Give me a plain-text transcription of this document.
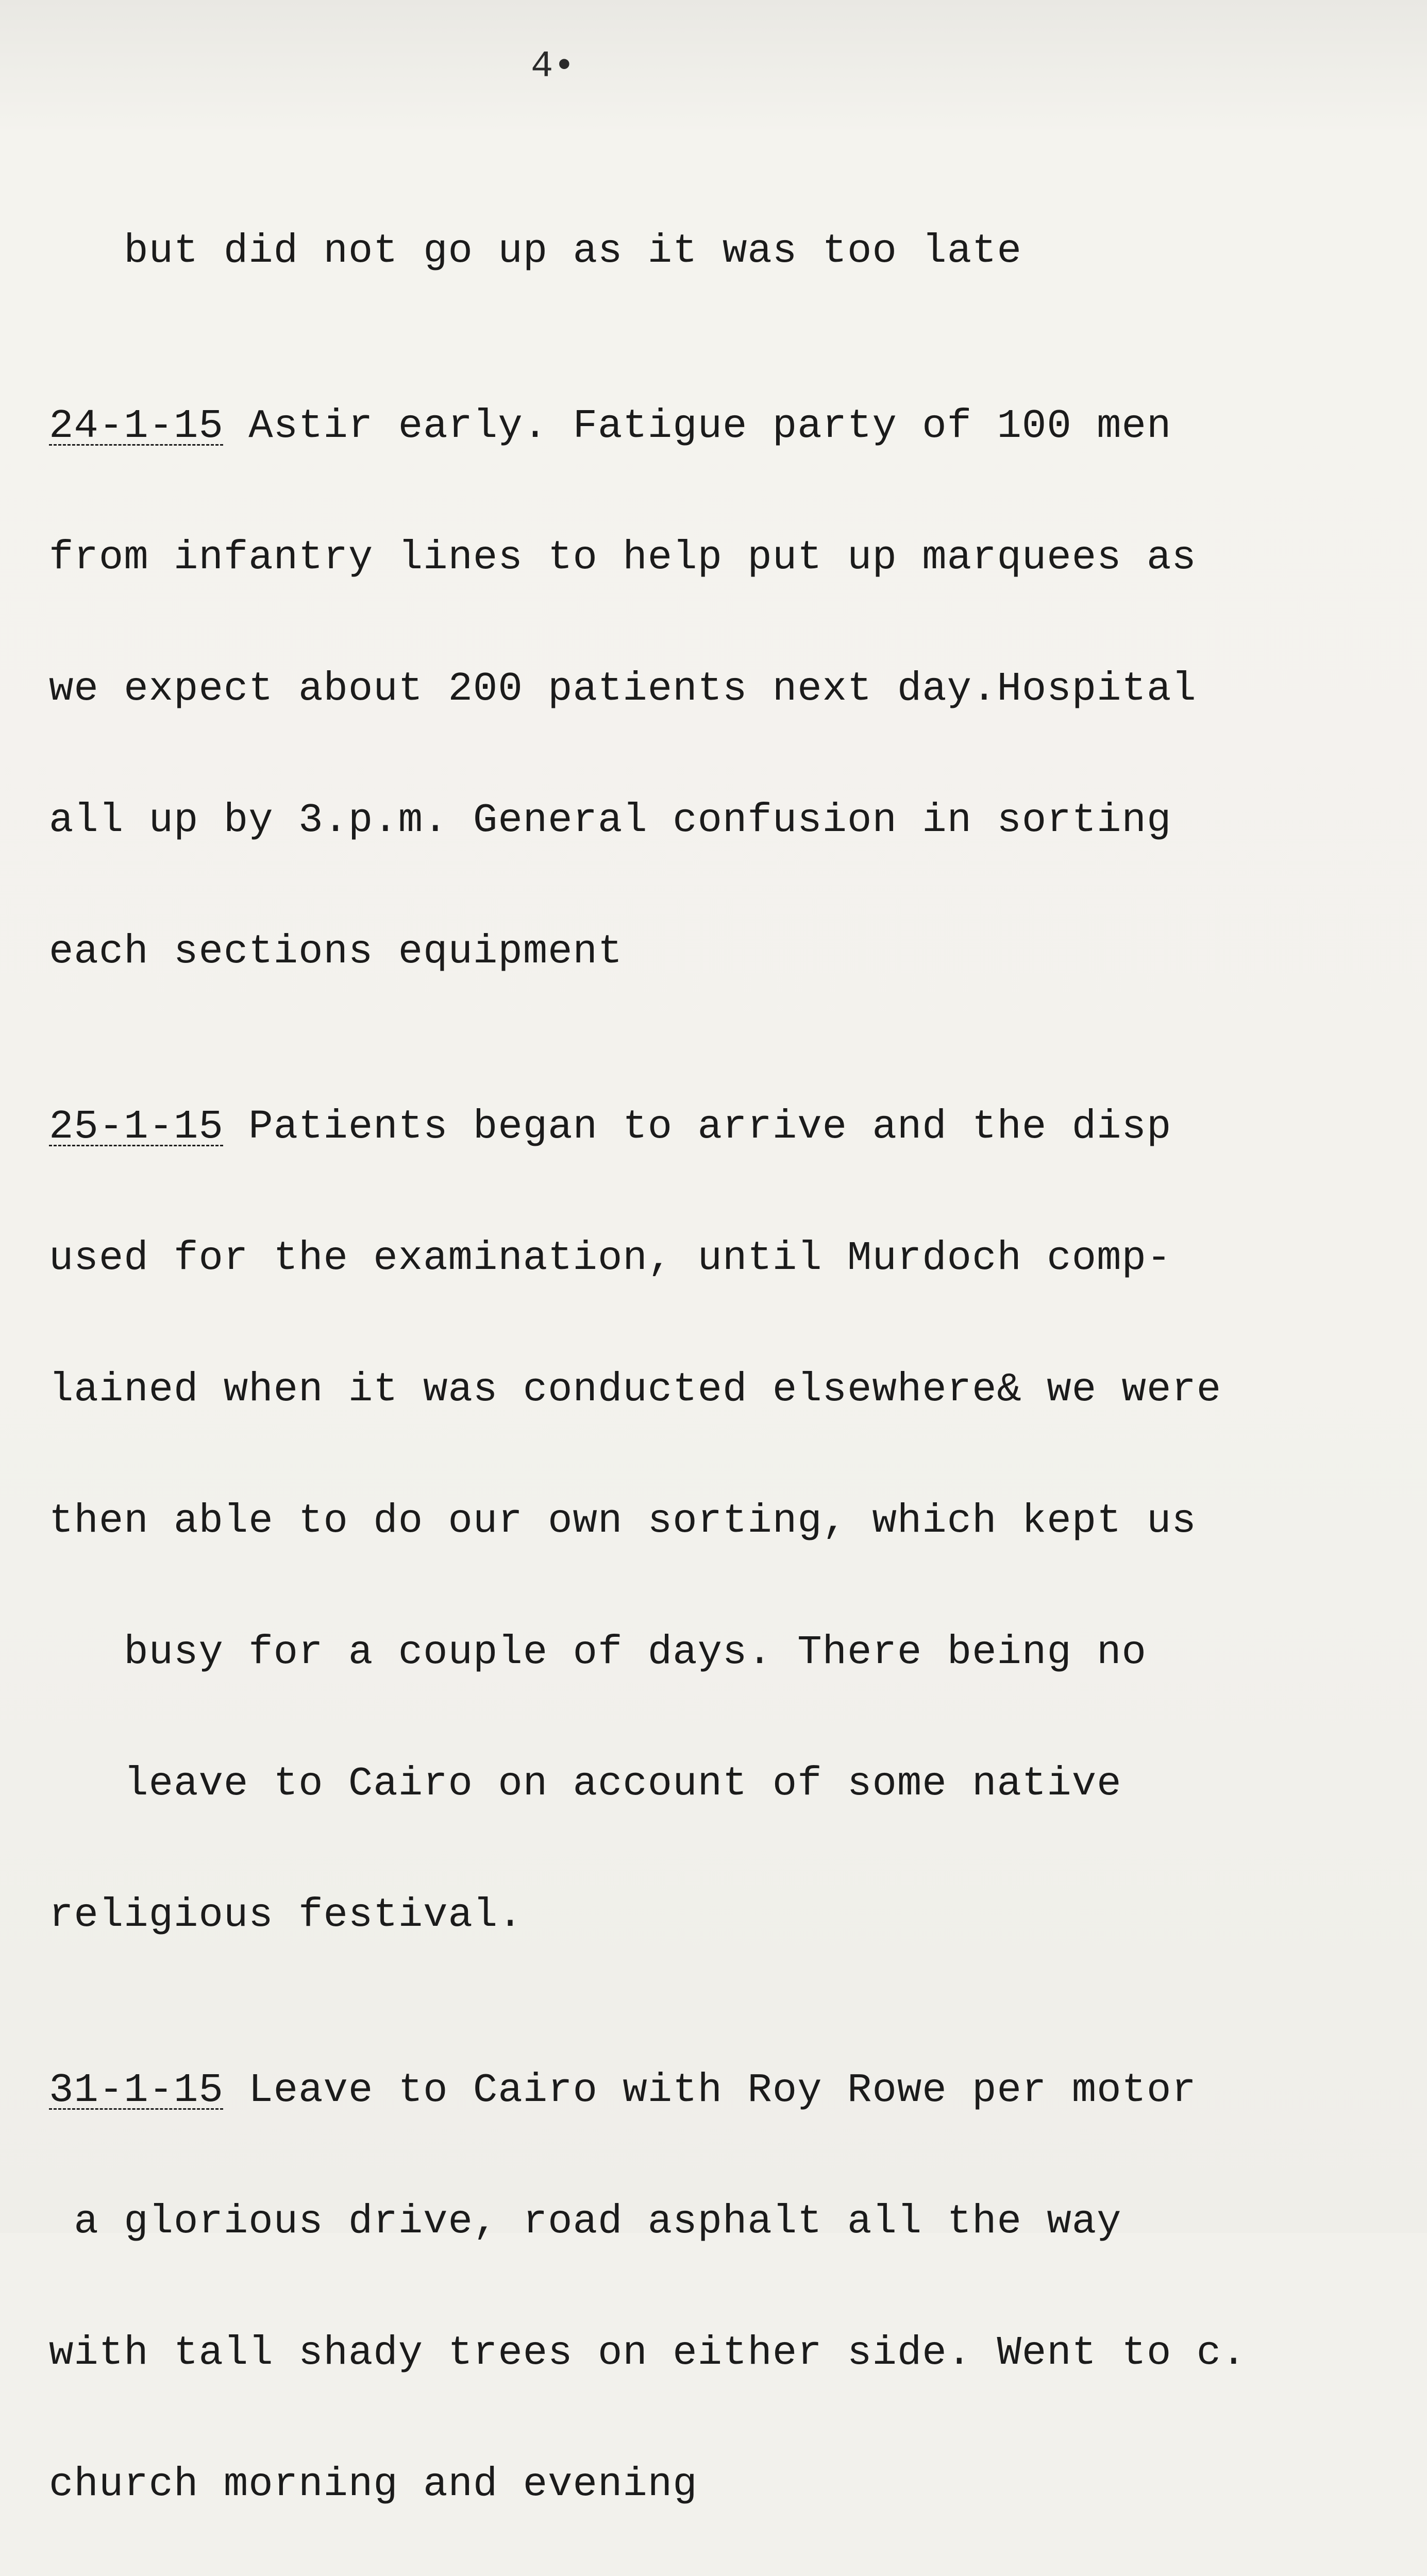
4•

but did not go up as it was too late

24-1-15 Astir early. Fatigue party of 100 men

from infantry lines to help put up marquees as

we expect about 200 patients next day.Hospital

all up by 3.p.m. General confusion in sorting

each sections equipment

25-1-15 Patients began to arrive and the disp

used for the examination, until Murdoch comp-

lained when it was conducted elsewhere& we were

then able to do our own sorting, which kept us

busy for a couple of days. There being no

leave to Cairo on account of some native

religious festival.

31-1-15 Leave to Cairo with Roy Rowe per motor

a glorious drive, road asphalt all the way

with tall shady trees on either side. Went to c.

church morning and evening
